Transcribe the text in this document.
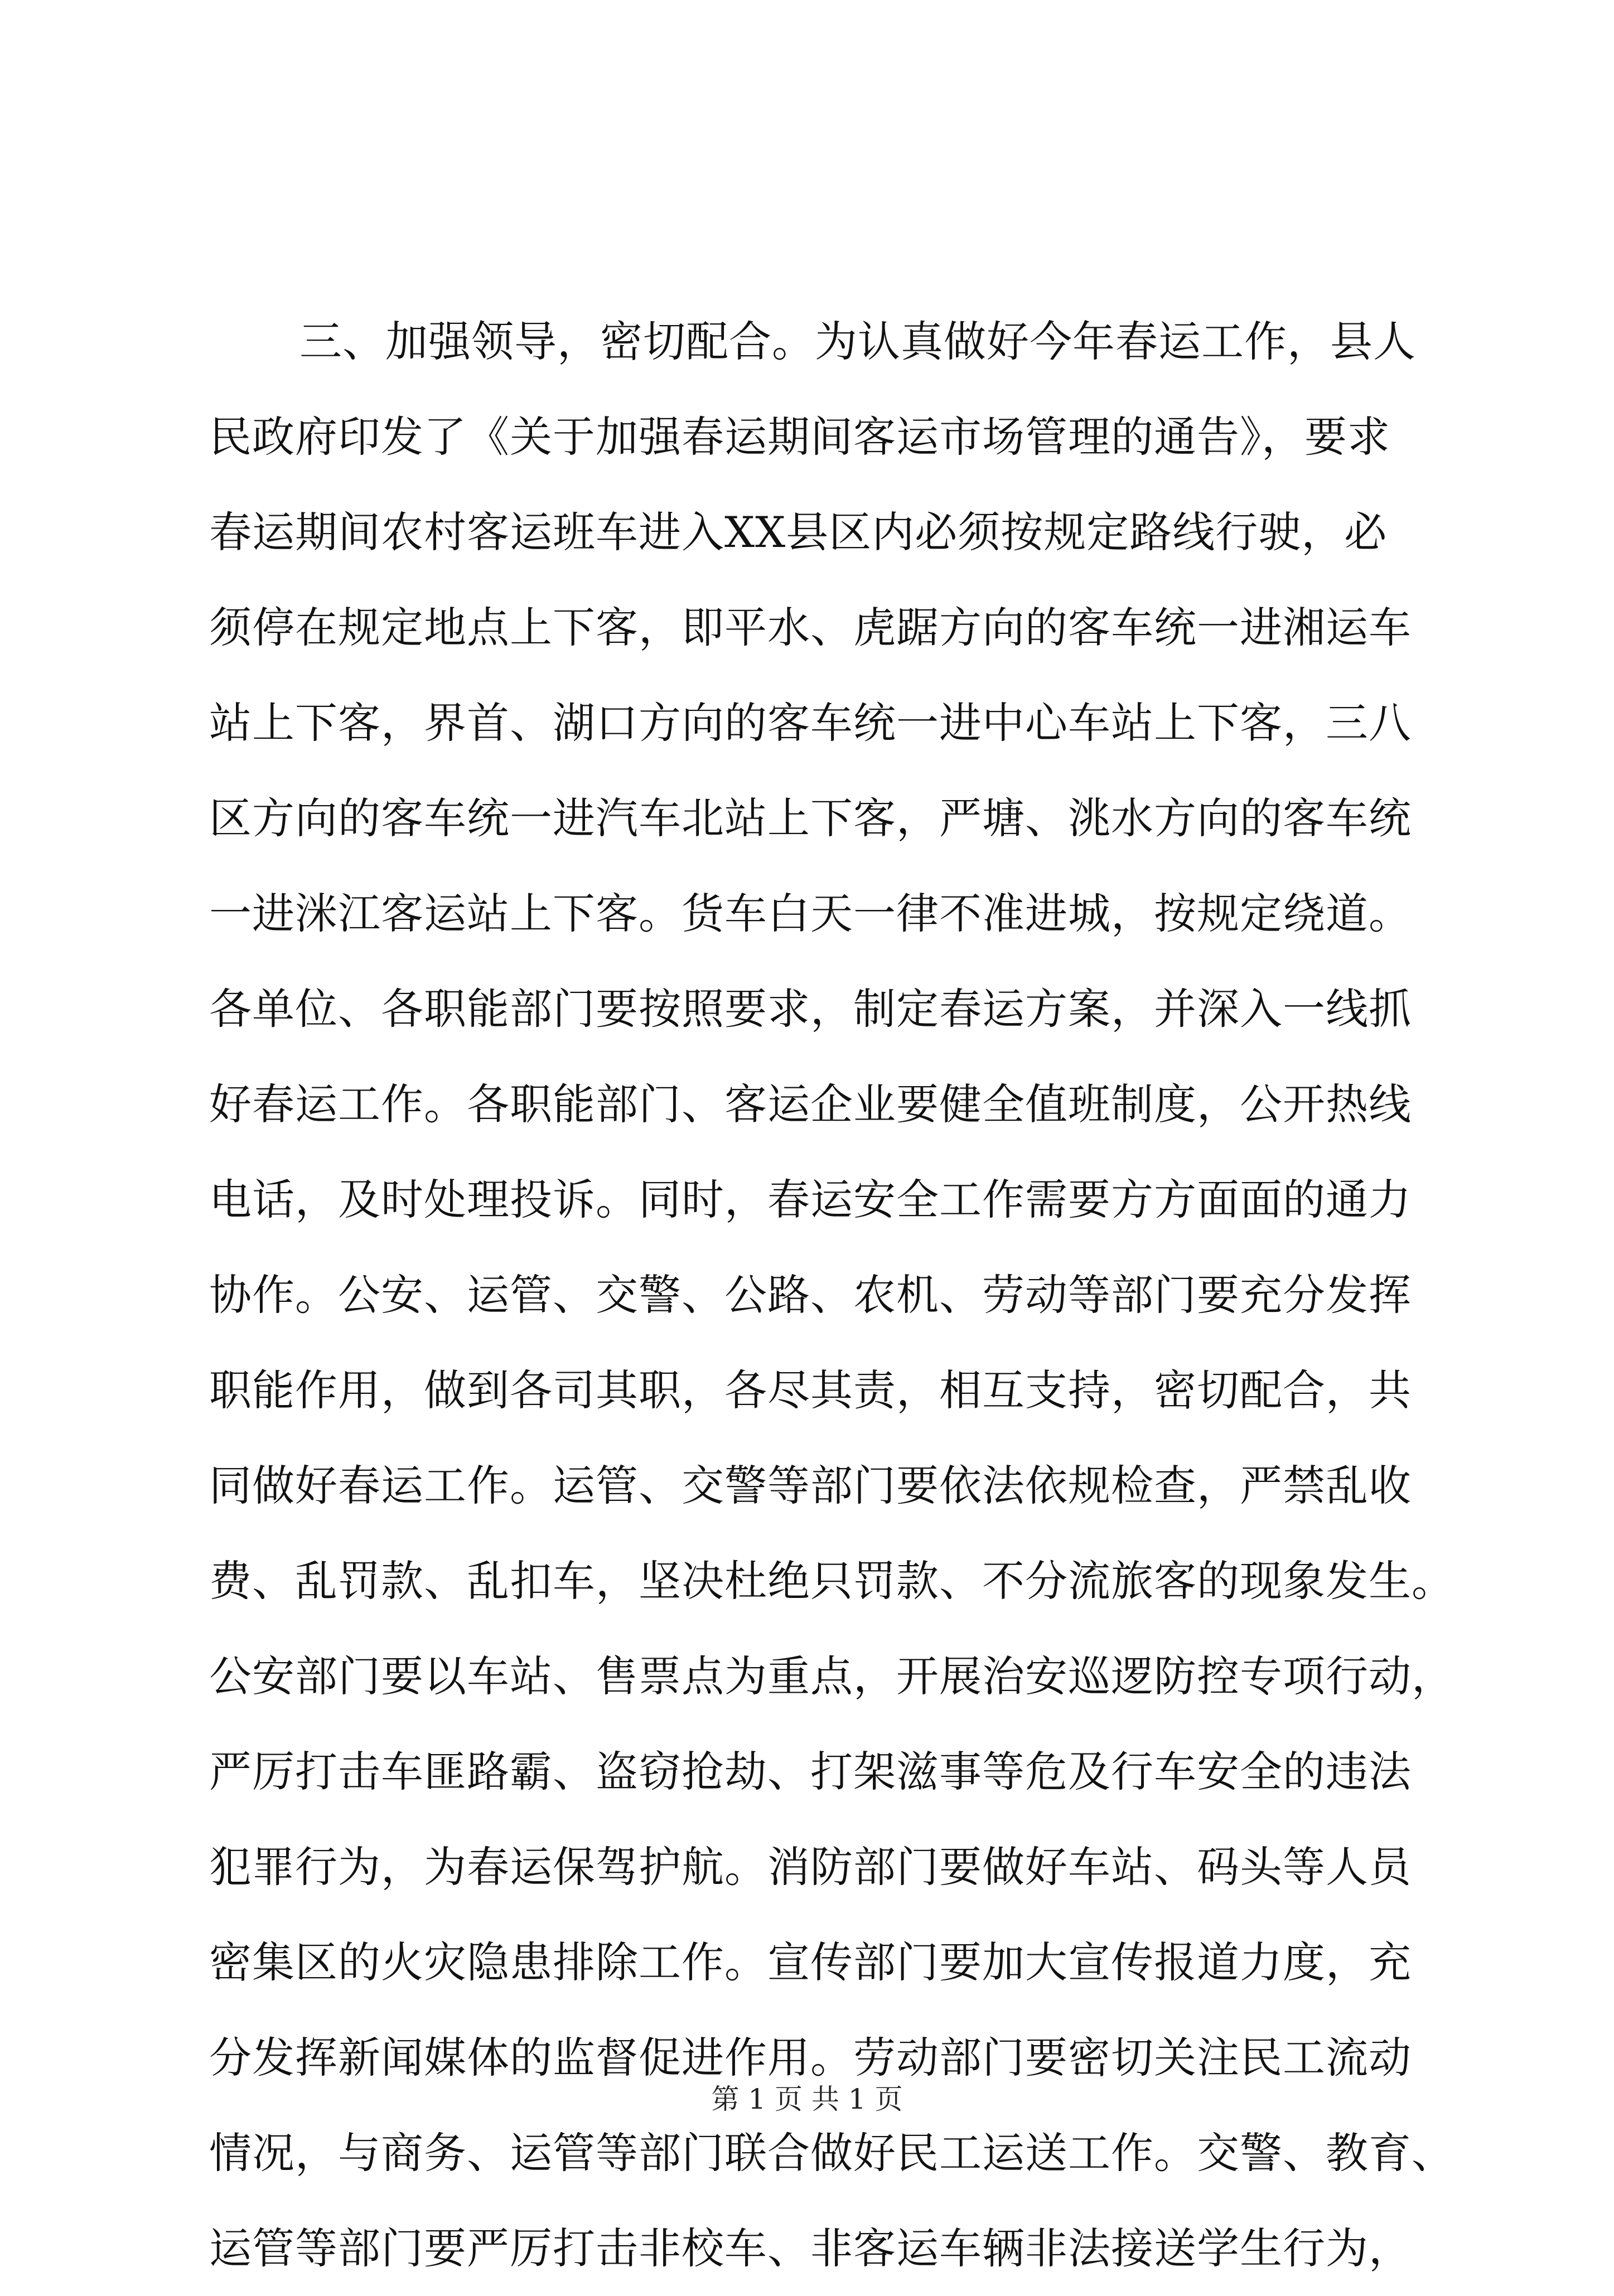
三、加强领导，密切配合。为认真做好今年春运工作，县人
民政府印发了《关于加强春运期间客运市场管理的通告》，要求
春运期间农村客运班车进入XX县区内必须按规定路线行驶，必
须停在规定地点上下客，即平水、虎踞方向的客车统一进湘运车
站上下客，界首、湖口方向的客车统一进中心车站上下客，三八
区方向的客车统一进汽车北站上下客，严塘、洮水方向的客车统
一进洣江客运站上下客。货车白天一律不准进城，按规定绕道。
各单位、各职能部门要按照要求，制定春运方案，并深入一线抓
好春运工作。各职能部门、客运企业要健全值班制度，公开热线
电话，及时处理投诉。同时，春运安全工作需要方方面面的通力
协作。公安、运管、交警、公路、农机、劳动等部门要充分发挥
职能作用，做到各司其职，各尽其责，相互支持，密切配合，共
同做好春运工作。运管、交警等部门要依法依规检查，严禁乱收
费、乱罚款、乱扣车，坚决杜绝只罚款、不分流旅客的现象发生。
公安部门要以车站、售票点为重点，开展治安巡逻防控专项行动，
严厉打击车匪路霸、盗窃抢劫、打架滋事等危及行车安全的违法
犯罪行为，为春运保驾护航。消防部门要做好车站、码头等人员
密集区的火灾隐患排除工作。宣传部门要加大宣传报道力度，充
分发挥新闻媒体的监督促进作用。劳动部门要密切关注民工流动
情况，与商务、运管等部门联合做好民工运送工作。交警、教育、
运管等部门要严厉打击非校车、非客运车辆非法接送学生行为，
第 1 页 共 1 页
